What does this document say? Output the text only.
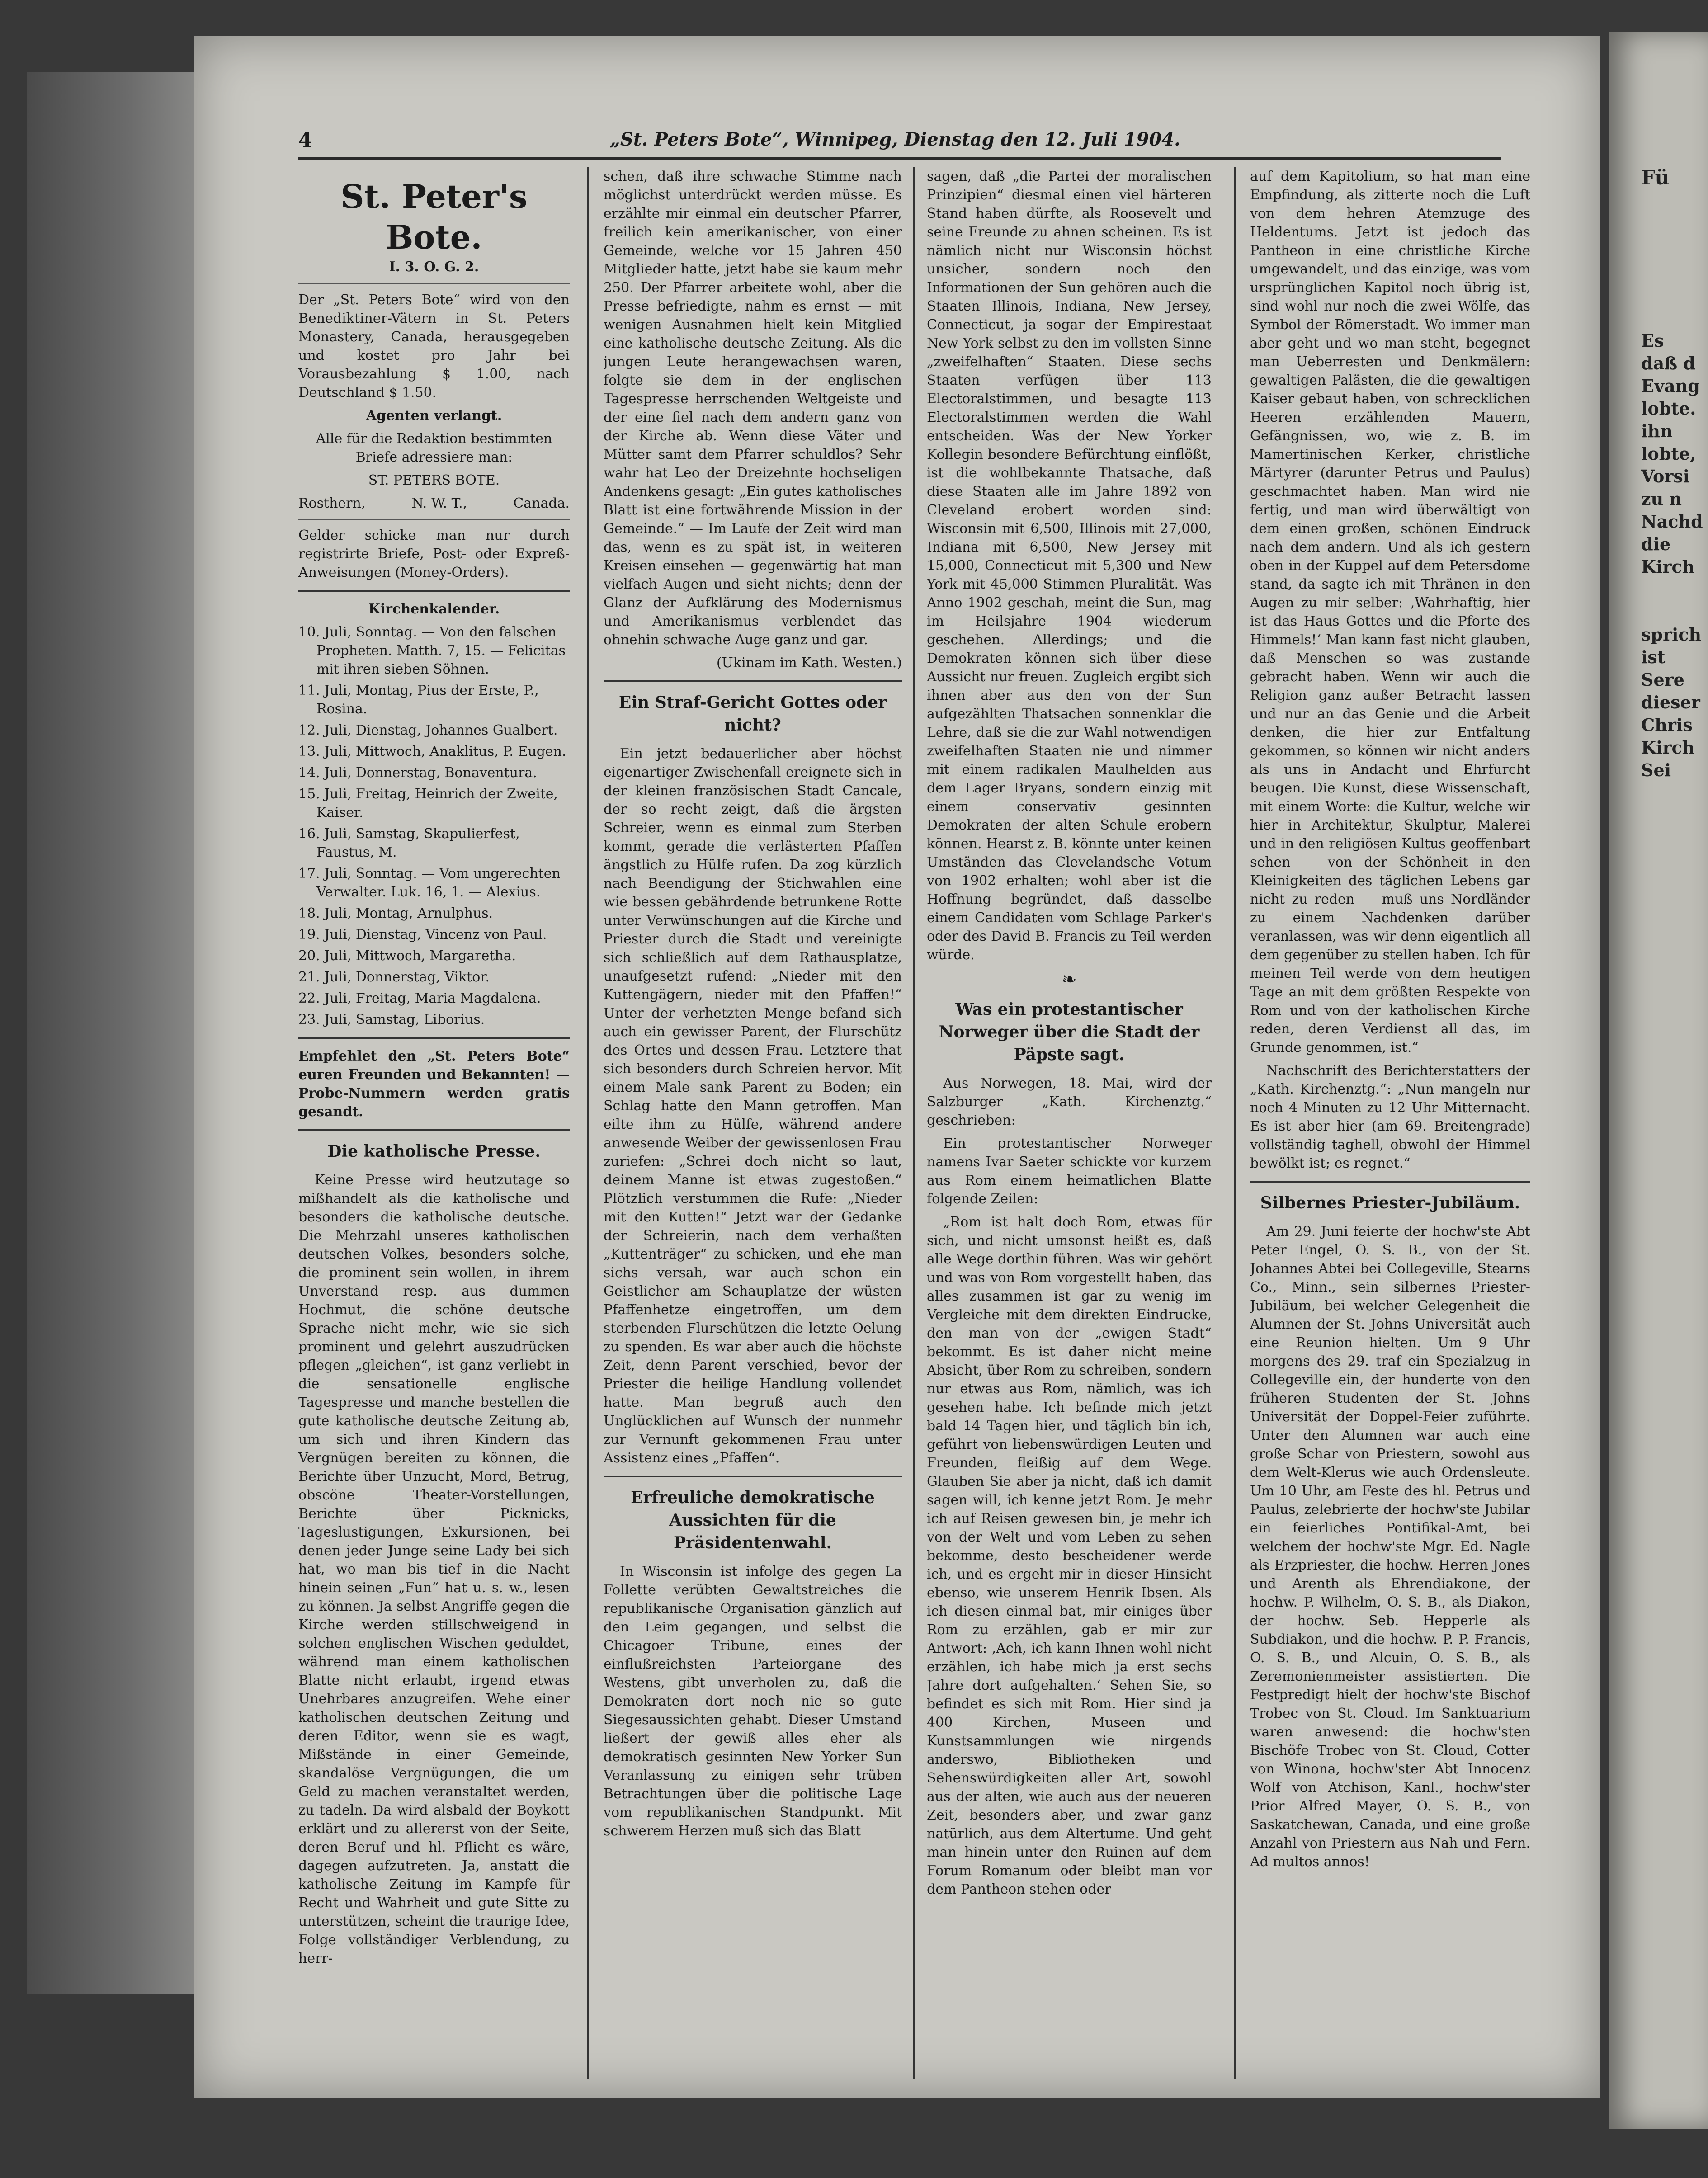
4	„St. Peters Bote“, Winnipeg, Dienstag den 12. Juli 1904.
St. Peter's Bote.
I. 3. O. G. 2.

Der „St. Peters Bote“ wird von den Benediktiner-Vätern in St. Peters Monastery, Canada, herausgegeben und kostet pro Jahr bei Vorausbezahlung $ 1.00, nach Deutschland $ 1.50.

Agenten verlangt.

Alle für die Redaktion bestimmten Briefe adressiere man:

ST. PETERS BOTE.

Rosthern,	N. W. T.,	Canada.

Gelder schicke man nur durch registrirte Briefe, Post- oder Expreß-Anweisungen (Money-Orders).

Kirchenkalender.

10. Juli, Sonntag. — Von den falschen Propheten. Matth. 7, 15. — Felicitas mit ihren sieben Söhnen.

11. Juli, Montag, Pius der Erste, P., Rosina.

12. Juli, Dienstag, Johannes Gualbert.

13. Juli, Mittwoch, Anaklitus, P. Eugen.

14. Juli, Donnerstag, Bonaventura.

15. Juli, Freitag, Heinrich der Zweite, Kaiser.

16. Juli, Samstag, Skapulierfest, Faustus, M.

17. Juli, Sonntag. — Vom ungerechten Verwalter. Luk. 16, 1. — Alexius.

18. Juli, Montag, Arnulphus.

19. Juli, Dienstag, Vincenz von Paul.

20. Juli, Mittwoch, Margaretha.

21. Juli, Donnerstag, Viktor.

22. Juli, Freitag, Maria Magdalena.

23. Juli, Samstag, Liborius.

Empfehlet den „St. Peters Bote“ euren Freunden und Bekannten! — Probe-Nummern werden gratis gesandt.

Die katholische Presse.

Keine Presse wird heutzutage so mißhandelt als die katholische und besonders die katholische deutsche. Die Mehrzahl unseres katholischen deutschen Volkes, besonders solche, die prominent sein wollen, in ihrem Unverstand resp. aus dummen Hochmut, die schöne deutsche Sprache nicht mehr, wie sie sich prominent und gelehrt auszudrücken pflegen „gleichen“, ist ganz verliebt in die sensationelle englische Tagespresse und manche bestellen die gute katholische deutsche Zeitung ab, um sich und ihren Kindern das Vergnügen bereiten zu können, die Berichte über Unzucht, Mord, Betrug, obscöne Theater-Vorstellungen, Berichte über Picknicks, Tageslustigungen, Exkursionen, bei denen jeder Junge seine Lady bei sich hat, wo man bis tief in die Nacht hinein seinen „Fun“ hat u. s. w., lesen zu können. Ja selbst Angriffe gegen die Kirche werden stillschweigend in solchen englischen Wischen geduldet, während man einem katholischen Blatte nicht erlaubt, irgend etwas Unehrbares anzugreifen. Wehe einer katholischen deutschen Zeitung und deren Editor, wenn sie es wagt, Mißstände in einer Gemeinde, skandalöse Vergnügungen, die um Geld zu machen veranstaltet werden, zu tadeln. Da wird alsbald der Boykott erklärt und zu allererst von der Seite, deren Beruf und hl. Pflicht es wäre, dagegen aufzutreten. Ja, anstatt die katholische Zeitung im Kampfe für Recht und Wahrheit und gute Sitte zu unterstützen, scheint die traurige Idee, Folge vollständiger Verblendung, zu herr-

schen, daß ihre schwache Stimme nach möglichst unterdrückt werden müsse. Es erzählte mir einmal ein deutscher Pfarrer, freilich kein amerikanischer, von einer Gemeinde, welche vor 15 Jahren 450 Mitglieder hatte, jetzt habe sie kaum mehr 250. Der Pfarrer arbeitete wohl, aber die Presse befriedigte, nahm es ernst — mit wenigen Ausnahmen hielt kein Mitglied eine katholische deutsche Zeitung. Als die jungen Leute herangewachsen waren, folgte sie dem in der englischen Tagespresse herrschenden Weltgeiste und der eine fiel nach dem andern ganz von der Kirche ab. Wenn diese Väter und Mütter samt dem Pfarrer schuldlos? Sehr wahr hat Leo der Dreizehnte hochseligen Andenkens gesagt: „Ein gutes katholisches Blatt ist eine fortwährende Mission in der Gemeinde.“ — Im Laufe der Zeit wird man das, wenn es zu spät ist, in weiteren Kreisen einsehen — gegenwärtig hat man vielfach Augen und sieht nichts; denn der Glanz der Aufklärung des Modernismus und Amerikanismus verblendet das ohnehin schwache Auge ganz und gar.

(Ukinam im Kath. Westen.)

Ein Straf-Gericht Gottes oder nicht?

Ein jetzt bedauerlicher aber höchst eigenartiger Zwischenfall ereignete sich in der kleinen französischen Stadt Cancale, der so recht zeigt, daß die ärgsten Schreier, wenn es einmal zum Sterben kommt, gerade die verlästerten Pfaffen ängstlich zu Hülfe rufen. Da zog kürzlich nach Beendigung der Stichwahlen eine wie bessen gebährdende betrunkene Rotte unter Verwünschungen auf die Kirche und Priester durch die Stadt und vereinigte sich schließlich auf dem Rathausplatze, unaufgesetzt rufend: „Nieder mit den Kuttengägern, nieder mit den Pfaffen!“ Unter der verhetzten Menge befand sich auch ein gewisser Parent, der Flurschütz des Ortes und dessen Frau. Letztere that sich besonders durch Schreien hervor. Mit einem Male sank Parent zu Boden; ein Schlag hatte den Mann getroffen. Man eilte ihm zu Hülfe, während andere anwesende Weiber der gewissenlosen Frau zuriefen: „Schrei doch nicht so laut, deinem Manne ist etwas zugestoßen.“ Plötzlich verstummen die Rufe: „Nieder mit den Kutten!“ Jetzt war der Gedanke der Schreierin, nach dem verhaßten „Kuttenträger“ zu schicken, und ehe man sichs versah, war auch schon ein Geistlicher am Schauplatze der wüsten Pfaffenhetze eingetroffen, um dem sterbenden Flurschützen die letzte Oelung zu spenden. Es war aber auch die höchste Zeit, denn Parent verschied, bevor der Priester die heilige Handlung vollendet hatte. Man begruß auch den Unglücklichen auf Wunsch der nunmehr zur Vernunft gekommenen Frau unter Assistenz eines „Pfaffen“.

Erfreuliche demokratische Aussichten für die Präsidentenwahl.

In Wisconsin ist infolge des gegen La Follette verübten Gewaltstreiches die republikanische Organisation gänzlich auf den Leim gegangen, und selbst die Chicagoer Tribune, eines der einflußreichsten Parteiorgane des Westens, gibt unverholen zu, daß die Demokraten dort noch nie so gute Siegesaussichten gehabt. Dieser Umstand ließert der gewiß alles eher als demokratisch gesinnten New Yorker Sun Veranlassung zu einigen sehr trüben Betrachtungen über die politische Lage vom republikanischen Standpunkt. Mit schwerem Herzen muß sich das Blatt

sagen, daß „die Partei der moralischen Prinzipien“ diesmal einen viel härteren Stand haben dürfte, als Roosevelt und seine Freunde zu ahnen scheinen. Es ist nämlich nicht nur Wisconsin höchst unsicher, sondern noch den Informationen der Sun gehören auch die Staaten Illinois, Indiana, New Jersey, Connecticut, ja sogar der Empirestaat New York selbst zu den im vollsten Sinne „zweifelhaften“ Staaten. Diese sechs Staaten verfügen über 113 Electoralstimmen, und besagte 113 Electoralstimmen werden die Wahl entscheiden. Was der New Yorker Kollegin besondere Befürchtung einflößt, ist die wohlbekannte Thatsache, daß diese Staaten alle im Jahre 1892 von Cleveland erobert worden sind: Wisconsin mit 6,500, Illinois mit 27,000, Indiana mit 6,500, New Jersey mit 15,000, Connecticut mit 5,300 und New York mit 45,000 Stimmen Pluralität. Was Anno 1902 geschah, meint die Sun, mag im Heilsjahre 1904 wiederum geschehen. Allerdings; und die Demokraten können sich über diese Aussicht nur freuen. Zugleich ergibt sich ihnen aber aus den von der Sun aufgezählten Thatsachen sonnenklar die Lehre, daß sie die zur Wahl notwendigen zweifelhaften Staaten nie und nimmer mit einem radikalen Maulhelden aus dem Lager Bryans, sondern einzig mit einem conservativ gesinnten Demokraten der alten Schule erobern können. Hearst z. B. könnte unter keinen Umständen das Clevelandsche Votum von 1902 erhalten; wohl aber ist die Hoffnung begründet, daß dasselbe einem Candidaten vom Schlage Parker's oder des David B. Francis zu Teil werden würde.

❧
Was ein protestantischer Norweger über die Stadt der Päpste sagt.

Aus Norwegen, 18. Mai, wird der Salzburger „Kath. Kirchenztg.“ geschrieben:

Ein protestantischer Norweger namens Ivar Saeter schickte vor kurzem aus Rom einem heimatlichen Blatte folgende Zeilen:

„Rom ist halt doch Rom, etwas für sich, und nicht umsonst heißt es, daß alle Wege dorthin führen. Was wir gehört und was von Rom vorgestellt haben, das alles zusammen ist gar zu wenig im Vergleiche mit dem direkten Eindrucke, den man von der „ewigen Stadt“ bekommt. Es ist daher nicht meine Absicht, über Rom zu schreiben, sondern nur etwas aus Rom, nämlich, was ich gesehen habe. Ich befinde mich jetzt bald 14 Tagen hier, und täglich bin ich, geführt von liebenswürdigen Leuten und Freunden, fleißig auf dem Wege. Glauben Sie aber ja nicht, daß ich damit sagen will, ich kenne jetzt Rom. Je mehr ich auf Reisen gewesen bin, je mehr ich von der Welt und vom Leben zu sehen bekomme, desto bescheidener werde ich, und es ergeht mir in dieser Hinsicht ebenso, wie unserem Henrik Ibsen. Als ich diesen einmal bat, mir einiges über Rom zu erzählen, gab er mir zur Antwort: ‚Ach, ich kann Ihnen wohl nicht erzählen, ich habe mich ja erst sechs Jahre dort aufgehalten.‘ Sehen Sie, so befindet es sich mit Rom. Hier sind ja 400 Kirchen, Museen und Kunstsammlungen wie nirgends anderswo, Bibliotheken und Sehenswürdigkeiten aller Art, sowohl aus der alten, wie auch aus der neueren Zeit, besonders aber, und zwar ganz natürlich, aus dem Altertume. Und geht man hinein unter den Ruinen auf dem Forum Romanum oder bleibt man vor dem Pantheon stehen oder

auf dem Kapitolium, so hat man eine Empfindung, als zitterte noch die Luft von dem hehren Atemzuge des Heldentums. Jetzt ist jedoch das Pantheon in eine christliche Kirche umgewandelt, und das einzige, was vom ursprünglichen Kapitol noch übrig ist, sind wohl nur noch die zwei Wölfe, das Symbol der Römerstadt. Wo immer man aber geht und wo man steht, begegnet man Ueberresten und Denkmälern: gewaltigen Palästen, die die gewaltigen Kaiser gebaut haben, von schrecklichen Heeren erzählenden Mauern, Gefängnissen, wo, wie z. B. im Mamertinischen Kerker, christliche Märtyrer (darunter Petrus und Paulus) geschmachtet haben. Man wird nie fertig, und man wird überwältigt von dem einen großen, schönen Eindruck nach dem andern. Und als ich gestern oben in der Kuppel auf dem Petersdome stand, da sagte ich mit Thränen in den Augen zu mir selber: ‚Wahrhaftig, hier ist das Haus Gottes und die Pforte des Himmels!‘ Man kann fast nicht glauben, daß Menschen so was zustande gebracht haben. Wenn wir auch die Religion ganz außer Betracht lassen und nur an das Genie und die Arbeit denken, die hier zur Entfaltung gekommen, so können wir nicht anders als uns in Andacht und Ehrfurcht beugen. Die Kunst, diese Wissenschaft, mit einem Worte: die Kultur, welche wir hier in Architektur, Skulptur, Malerei und in den religiösen Kultus geoffenbart sehen — von der Schönheit in den Kleinigkeiten des täglichen Lebens gar nicht zu reden — muß uns Nordländer zu einem Nachdenken darüber veranlassen, was wir denn eigentlich all dem gegenüber zu stellen haben. Ich für meinen Teil werde von dem heutigen Tage an mit dem größten Respekte von Rom und von der katholischen Kirche reden, deren Verdienst all das, im Grunde genommen, ist.“

Nachschrift des Berichterstatters der „Kath. Kirchenztg.“: „Nun mangeln nur noch 4 Minuten zu 12 Uhr Mitternacht. Es ist aber hier (am 69. Breitengrade) vollständig taghell, obwohl der Himmel bewölkt ist; es regnet.“

Silbernes Priester-Jubiläum.

Am 29. Juni feierte der hochw'ste Abt Peter Engel, O. S. B., von der St. Johannes Abtei bei Collegeville, Stearns Co., Minn., sein silbernes Priester-Jubiläum, bei welcher Gelegenheit die Alumnen der St. Johns Universität auch eine Reunion hielten. Um 9 Uhr morgens des 29. traf ein Spezialzug in Collegeville ein, der hunderte von den früheren Studenten der St. Johns Universität der Doppel-Feier zuführte. Unter den Alumnen war auch eine große Schar von Priestern, sowohl aus dem Welt-Klerus wie auch Ordensleute. Um 10 Uhr, am Feste des hl. Petrus und Paulus, zelebrierte der hochw'ste Jubilar ein feierliches Pontifikal-Amt, bei welchem der hochw'ste Mgr. Ed. Nagle als Erzpriester, die hochw. Herren Jones und Arenth als Ehrendiakone, der hochw. P. Wilhelm, O. S. B., als Diakon, der hochw. Seb. Hepperle als Subdiakon, und die hochw. P. P. Francis, O. S. B., und Alcuin, O. S. B., als Zeremonienmeister assistierten. Die Festpredigt hielt der hochw'ste Bischof Trobec von St. Cloud. Im Sanktuarium waren anwesend: die hochw'sten Bischöfe Trobec von St. Cloud, Cotter von Winona, hochw'ster Abt Innocenz Wolf von Atchison, Kanl., hochw'ster Prior Alfred Mayer, O. S. B., von Saskatchewan, Canada, und eine große Anzahl von Priestern aus Nah und Fern. Ad multos annos!

Fü
Es
daß d
Evang
lobte.
ihn
lobte,
Vorsi
zu n
Nachd
die
Kirch
sprich
ist
Sere
dieser
Chris
Kirch
Sei
